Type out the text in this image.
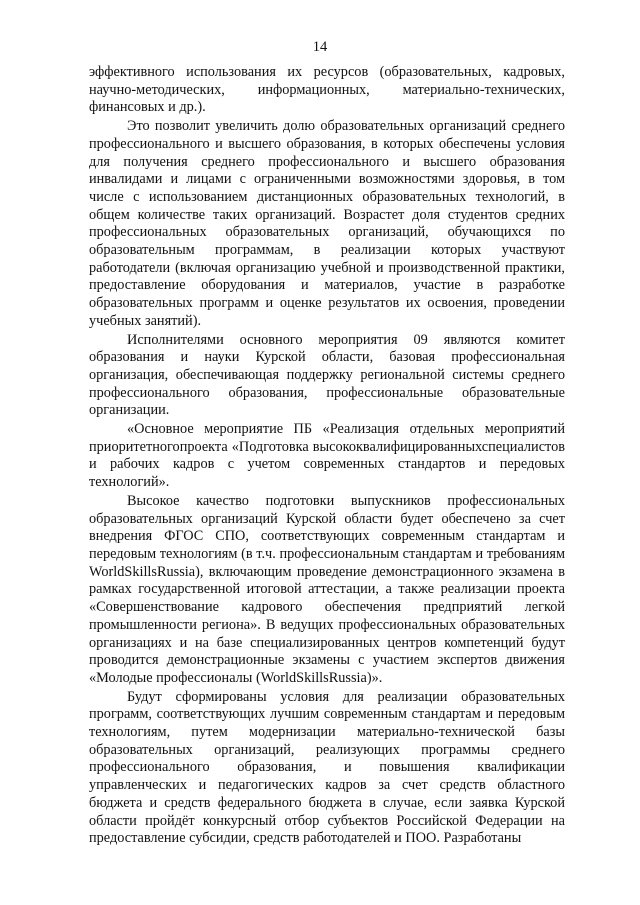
14

эффективного использования их ресурсов (образовательных, кадровых, научно-методических, информационных, материально-технических, финансовых и др.).

Это позволит увеличить долю образовательных организаций среднего профессионального и высшего образования, в которых обеспечены условия для получения среднего профессионального и высшего образования инвалидами и лицами с ограниченными возможностями здоровья, в том числе с использованием дистанционных образовательных технологий, в общем количестве таких организаций. Возрастет доля студентов средних профессиональных образовательных организаций, обучающихся по образовательным программам, в реализации которых участвуют работодатели (включая организацию учебной и производственной практики, предоставление оборудования и материалов, участие в разработке образовательных программ и оценке результатов их освоения, проведении учебных занятий).

Исполнителями основного мероприятия 09 являются комитет образования и науки Курской области, базовая профессиональная организация, обеспечивающая поддержку региональной системы среднего профессионального образования, профессиональные образовательные организации.

«Основное мероприятие ПБ «Реализация отдельных мероприятий приоритетногопроекта «Подготовка высококвалифицированныхспециалистов и рабочих кадров с учетом современных стандартов и передовых технологий».

Высокое качество подготовки выпускников профессиональных образовательных организаций Курской области будет обеспечено за счет внедрения ФГОС СПО, соответствующих современным стандартам и передовым технологиям (в т.ч. профессиональным стандартам и требованиям WorldSkillsRussia), включающим проведение демонстрационного экзамена в рамках государственной итоговой аттестации, а также реализации проекта «Совершенствование кадрового обеспечения предприятий легкой промышленности региона». В ведущих профессиональных образовательных организациях и на базе специализированных центров компетенций будут проводится демонстрационные экзамены с участием экспертов движения «Молодые профессионалы (WorldSkillsRussia)».

Будут сформированы условия для реализации образовательных программ, соответствующих лучшим современным стандартам и передовым технологиям, путем модернизации материально-технической базы образовательных организаций, реализующих программы среднего профессионального образования, и повышения квалификации управленческих и педагогических кадров за счет средств областного бюджета и средств федерального бюджета в случае, если заявка Курской области пройдёт конкурсный отбор субъектов Российской Федерации на предоставление субсидии, средств работодателей и ПОО. Разработаны
